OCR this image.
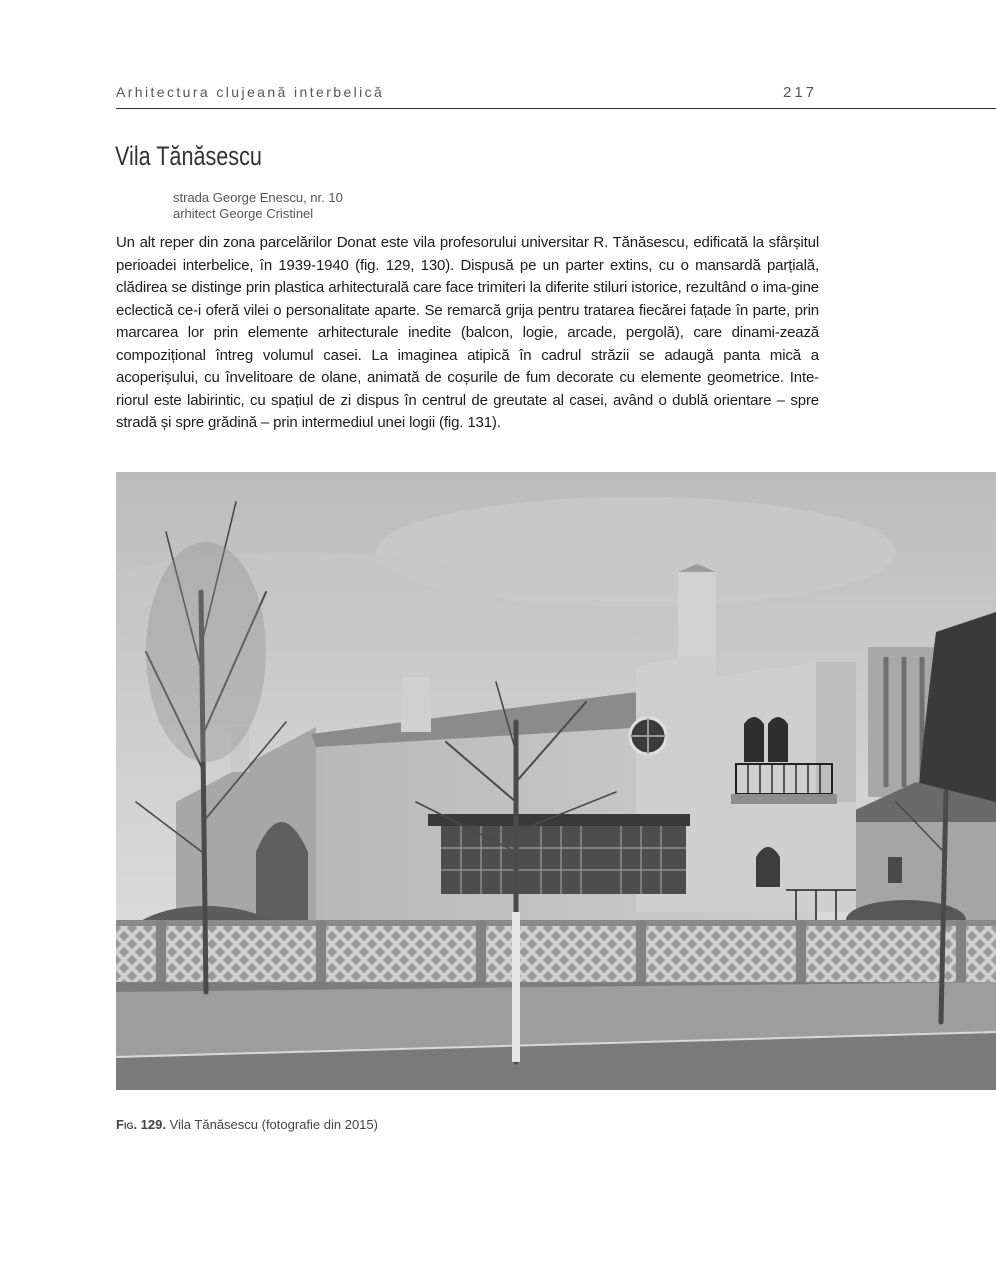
Arhitectura clujeană interbelică	217
Vila Tănăsescu
strada George Enescu, nr. 10
arhitect George Cristinel

Un alt reper din zona parcelărilor Donat este vila profesorului universitar R. Tănăsescu, edificată la sfârșitul perioadei interbelice, în 1939-1940 (fig. 129, 130). Dispusă pe un parter extins, cu o mansardă parțială, clădirea se distinge prin plastica arhitecturală care face trimiteri la diferite stiluri istorice, rezultând o ima-gine eclectică ce-i oferă vilei o personalitate aparte. Se remarcă grija pentru tratarea fiecărei fațade în parte, prin marcarea lor prin elemente arhitecturale inedite (balcon, logie, arcade, pergolă), care dinami-zează compozițional întreg volumul casei. La imaginea atipică în cadrul străzii se adaugă panta mică a acoperișului, cu învelitoare de olane, animată de coșurile de fum decorate cu elemente geometrice. Inte-riorul este labirintic, cu spațiul de zi dispus în centrul de greutate al casei, având o dublă orientare – spre stradă și spre grădină – prin intermediul unei logii (fig. 131).

Fig. 129. Vila Tănăsescu (fotografie din 2015)
